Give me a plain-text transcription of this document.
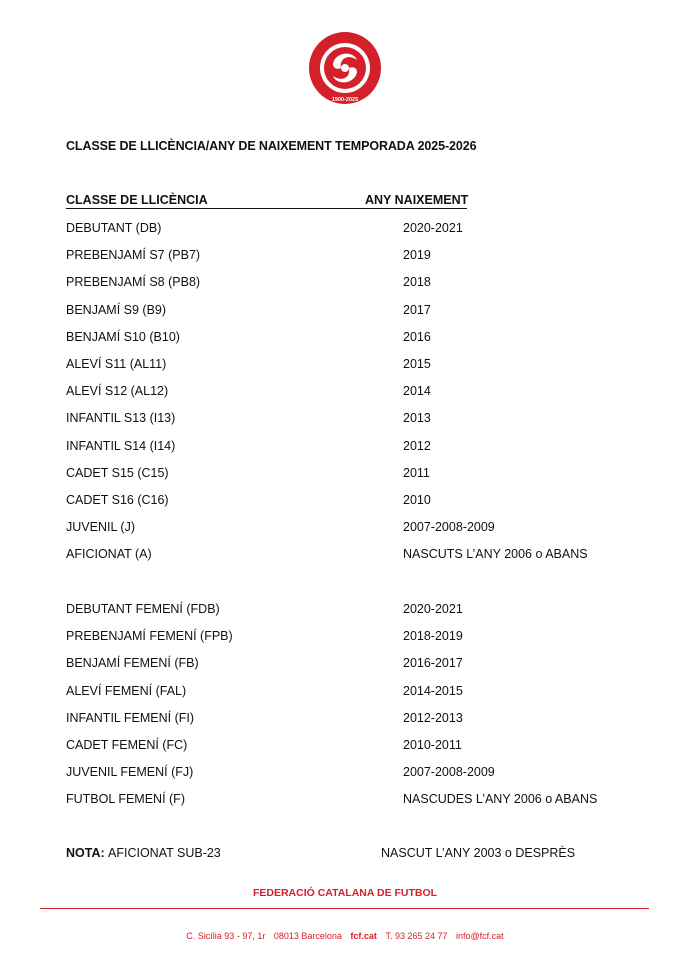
FEDERACIÓ CATALANA DE FUTBOL
1900-2025
CLASSE DE LLICÈNCIA/ANY DE NAIXEMENT TEMPORADA 2025-2026
CLASSE DE LLICÈNCIA	ANY NAIXEMENT
DEBUTANT (DB)	2020-2021
PREBENJAMÍ S7 (PB7)	2019
PREBENJAMÍ S8 (PB8)	2018
BENJAMÍ S9 (B9)	2017
BENJAMÍ S10 (B10)	2016
ALEVÍ S11 (AL11)	2015
ALEVÍ S12 (AL12)	2014
INFANTIL S13 (I13)	2013
INFANTIL S14 (I14)	2012
CADET S15 (C15)	2011
CADET S16 (C16)	2010
JUVENIL (J)	2007-2008-2009
AFICIONAT (A)	NASCUTS L’ANY 2006 o ABANS
DEBUTANT FEMENÍ (FDB)	2020-2021
PREBENJAMÍ FEMENÍ (FPB)	2018-2019
BENJAMÍ FEMENÍ (FB)	2016-2017
ALEVÍ FEMENÍ (FAL)	2014-2015
INFANTIL FEMENÍ (FI)	2012-2013
CADET FEMENÍ (FC)	2010-2011
JUVENIL FEMENÍ (FJ)	2007-2008-2009
FUTBOL FEMENÍ (F)	NASCUDES L’ANY 2006 o ABANS
NOTA: AFICIONAT SUB-23	NASCUT L’ANY 2003 o DESPRÈS
FEDERACIÓ CATALANA DE FUTBOL
C. Sicília 93 - 97, 1r 08013 Barcelona fcf.cat T. 93 265 24 77 info@fcf.cat
